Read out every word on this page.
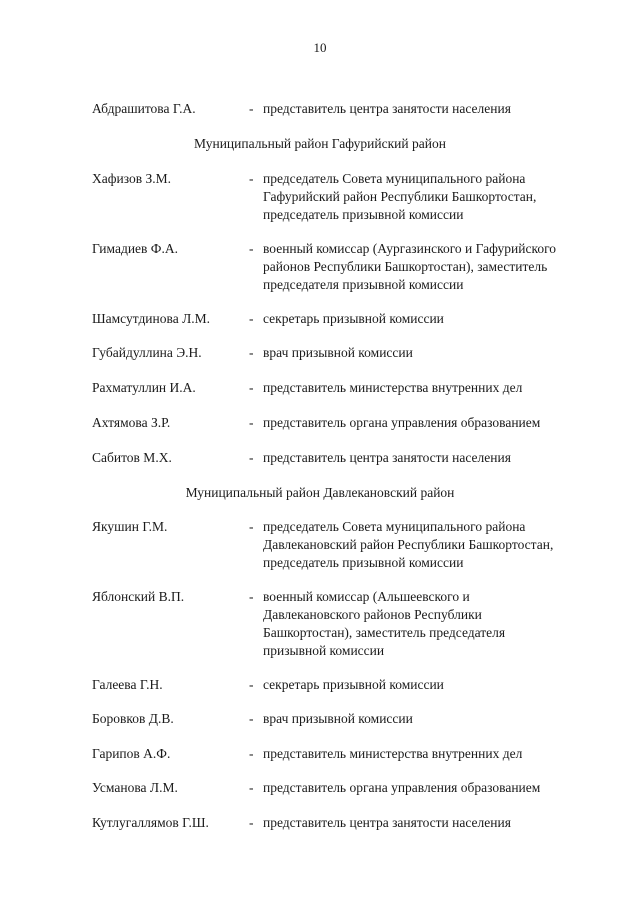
10
Абдрашитова Г.А.	- представитель центра занятости населения
Муниципальный район Гафурийский район
Хафизов З.М.	- председатель Совета муниципального района
Гафурийский район Республики Башкортостан,
председатель призывной комиссии
Гимадиев Ф.А.	- военный комиссар (Аургазинского и Гафурийского
районов Республики Башкортостан), заместитель
председателя призывной комиссии
Шамсутдинова Л.М.	- секретарь призывной комиссии
Губайдуллина Э.Н.	- врач призывной комиссии
Рахматуллин И.А.	- представитель министерства внутренних дел
Ахтямова З.Р.	- представитель органа управления образованием
Сабитов М.Х.	- представитель центра занятости населения
Муниципальный район Давлекановский район
Якушин Г.М.	- председатель Совета муниципального района
Давлекановский район Республики Башкортостан,
председатель призывной комиссии
Яблонский В.П.	- военный комиссар (Альшеевского и
Давлекановского районов Республики
Башкортостан), заместитель председателя
призывной комиссии
Галеева Г.Н.	- секретарь призывной комиссии
Боровков Д.В.	- врач призывной комиссии
Гарипов А.Ф.	- представитель министерства внутренних дел
Усманова Л.М.	- представитель органа управления образованием
Кутлугаллямов Г.Ш.	- представитель центра занятости населения
